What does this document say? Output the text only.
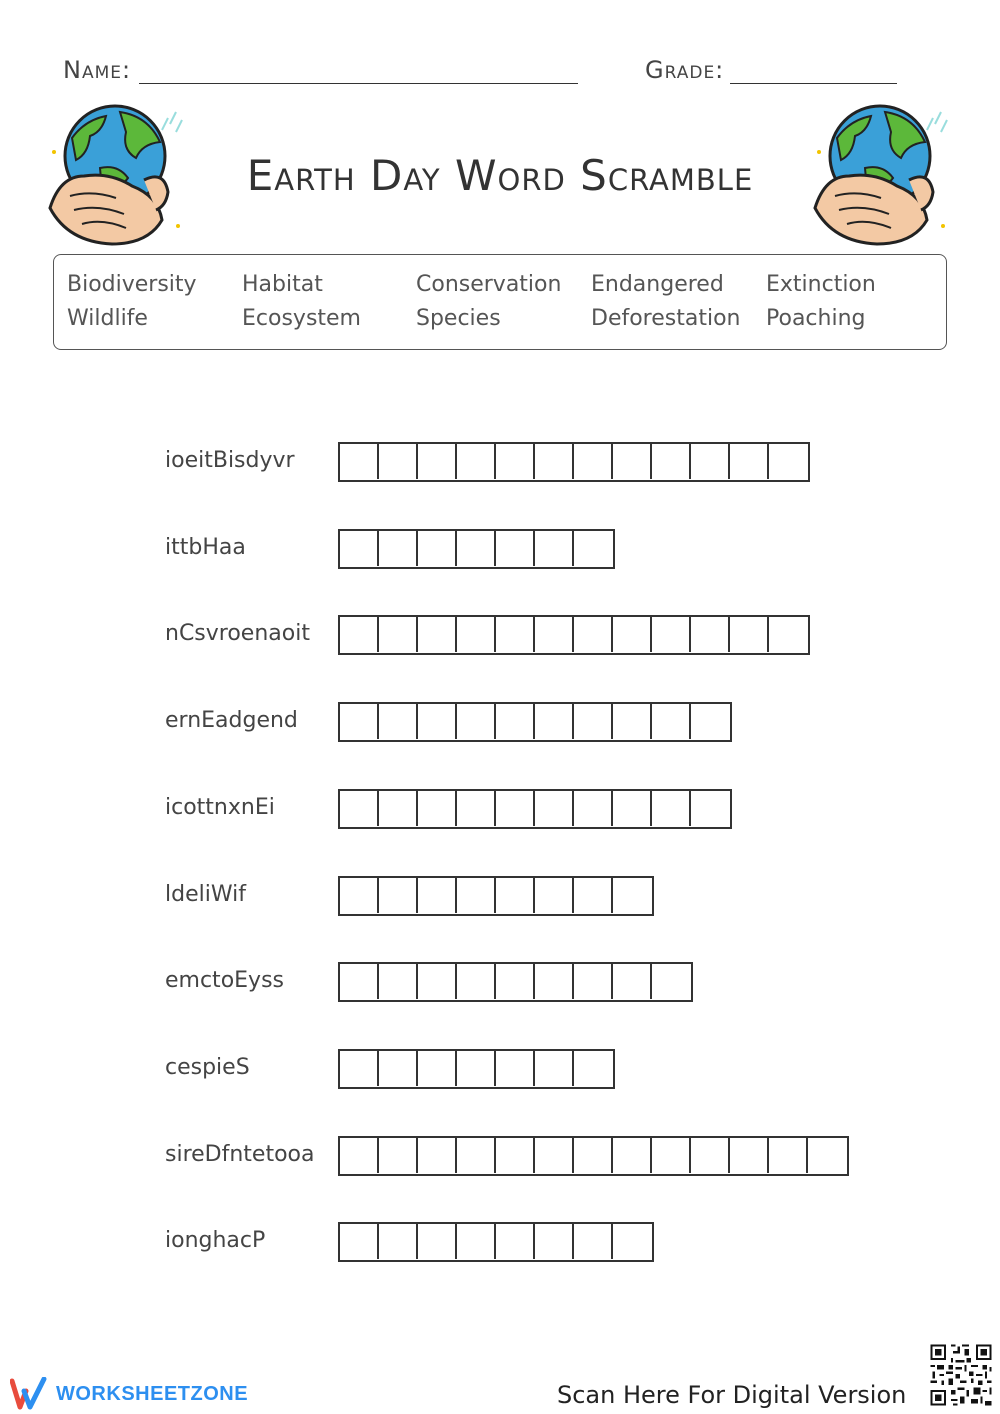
Name:	Grade:
Earth Day Word Scramble
Biodiversity
Wildlife
Habitat
Ecosystem
Conservation
Species
Endangered
Deforestation
Extinction
Poaching
ioeitBisdyvr
ittbHaa
nCsvroenaoit
ernEadgend
icottnxnEi
ldeliWif
emctoEyss
cespieS
sireDfntetooa
ionghacP
WORKSHEETZONE	Scan Here For Digital Version
